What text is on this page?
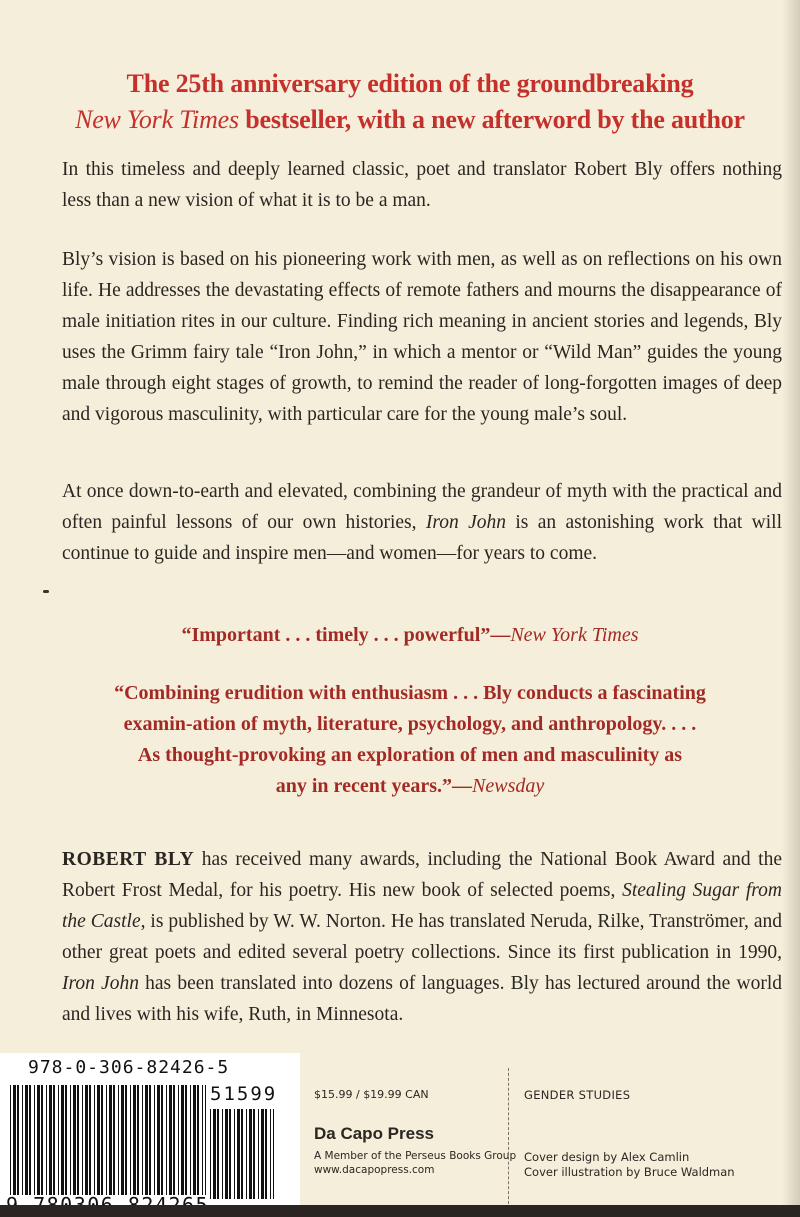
The 25th anniversary edition of the groundbreaking
New York Times bestseller, with a new afterword by the author

In this timeless and deeply learned classic, poet and translator Robert Bly offers nothing less than a new vision of what it is to be a man.

Bly’s vision is based on his pioneering work with men, as well as on reflections on his own life. He addresses the devastating effects of remote fathers and mourns the disappearance of male initiation rites in our culture. Finding rich meaning in ancient stories and legends, Bly uses the Grimm fairy tale “Iron John,” in which a mentor or “Wild Man” guides the young male through eight stages of growth, to remind the reader of long-forgotten images of deep and vigorous masculinity, with particular care for the young male’s soul.

At once down-to-earth and elevated, combining the grandeur of myth with the practical and often painful lessons of our own histories, Iron John is an astonishing work that will continue to guide and inspire men—and women—for years to come.

“Important . . . timely . . . powerful”—New York Times

“Combining erudition with enthusiasm . . . Bly conducts a fascinating
examin-ation of myth, literature, psychology, and anthropology. . . .
As thought-provoking an exploration of men and masculinity as
any in recent years.”—Newsday

ROBERT BLY has received many awards, including the National Book Award and the Robert Frost Medal, for his poetry. His new book of selected poems, Stealing Sugar from the Castle, is published by W. W. Norton. He has translated Neruda, Rilke, Tranströmer, and other great poets and edited several poetry collections. Since its first publication in 1990, Iron John has been translated into dozens of languages. Bly has lectured around the world and lives with his wife, Ruth, in Minnesota.

978-0-306-82426-5
51599	$15.99 / $19.99 CAN
Da Capo Press
A Member of the Perseus Books Group
www.dacapopress.com
GENDER STUDIES
Cover design by Alex Camlin
Cover illustration by Bruce Waldman
